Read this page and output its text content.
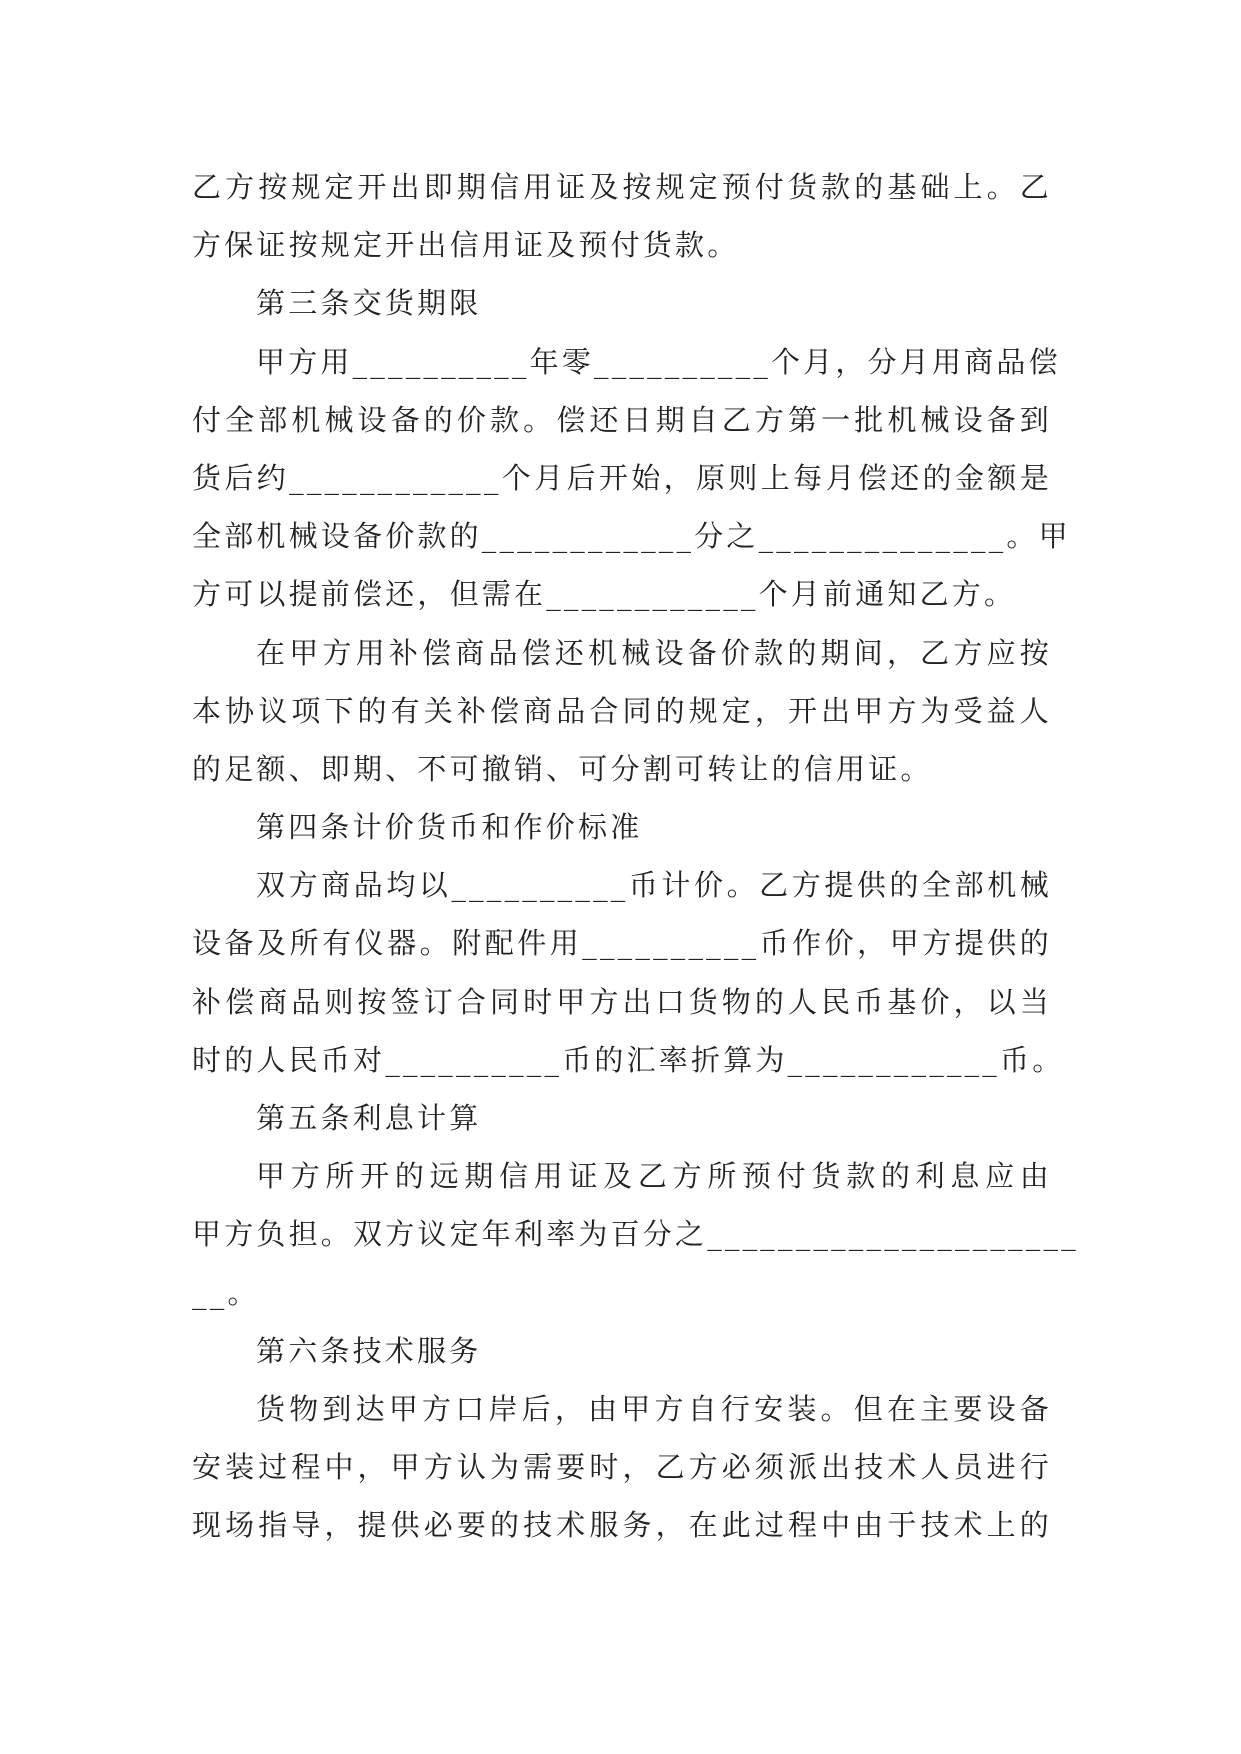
乙方按规定开出即期信用证及按规定预付货款的基础上。乙
方保证按规定开出信用证及预付货款。
第三条交货期限
甲方用__________年零__________个月，分月用商品偿
付全部机械设备的价款。偿还日期自乙方第一批机械设备到
货后约____________个月后开始，原则上每月偿还的金额是
全部机械设备价款的____________分之______________。甲
方可以提前偿还，但需在____________个月前通知乙方。
在甲方用补偿商品偿还机械设备价款的期间，乙方应按
本协议项下的有关补偿商品合同的规定，开出甲方为受益人
的足额、即期、不可撤销、可分割可转让的信用证。
第四条计价货币和作价标准
双方商品均以__________币计价。乙方提供的全部机械
设备及所有仪器。附配件用__________币作价，甲方提供的
补偿商品则按签订合同时甲方出口货物的人民币基价，以当
时的人民币对__________币的汇率折算为____________币。
第五条利息计算
甲方所开的远期信用证及乙方所预付货款的利息应由
甲方负担。双方议定年利率为百分之_____________________
__。
第六条技术服务
货物到达甲方口岸后，由甲方自行安装。但在主要设备
安装过程中，甲方认为需要时，乙方必须派出技术人员进行
现场指导，提供必要的技术服务，在此过程中由于技术上的
